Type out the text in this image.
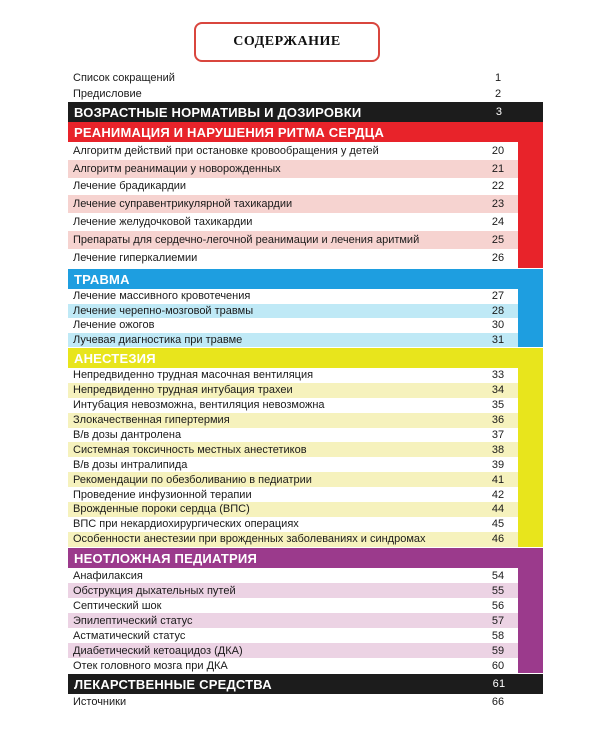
СОДЕРЖАНИЕ
Список сокращений	1
Предисловие	2
ВОЗРАСТНЫЕ НОРМАТИВЫ И ДОЗИРОВКИ	3
РЕАНИМАЦИЯ И НАРУШЕНИЯ РИТМА СЕРДЦА
Алгоритм действий при остановке кровообращения у детей	20
Алгоритм реанимации у новорожденных	21
Лечение брадикардии	22
Лечение суправентрикулярной тахикардии	23
Лечение желудочковой тахикардии	24
Препараты для сердечно-легочной реанимации и лечения аритмий	25
Лечение гиперкалиемии	26
ТРАВМА
Лечение массивного кровотечения	27
Лечение черепно-мозговой травмы	28
Лечение ожогов	30
Лучевая диагностика при травме	31
АНЕСТЕЗИЯ
Непредвиденно трудная масочная вентиляция	33
Непредвиденно трудная интубация трахеи	34
Интубация невозможна, вентиляция невозможна	35
Злокачественная гипертермия	36
В/в дозы дантролена	37
Системная токсичность местных анестетиков	38
В/в дозы интралипида	39
Рекомендации по обезболиванию в педиатрии	41
Проведение инфузионной терапии	42
Врожденные пороки сердца (ВПС)	44
ВПС при некардиохирургических операциях	45
Особенности анестезии при врожденных заболеваниях и синдромах	46
НЕОТЛОЖНАЯ ПЕДИАТРИЯ
Анафилаксия	54
Обструкция дыхательных путей	55
Септический шок	56
Эпилептический статус	57
Астматический статус	58
Диабетический кетоацидоз (ДКА)	59
Отек головного мозга при ДКА	60
ЛЕКАРСТВЕННЫЕ СРЕДСТВА	61
Источники	66
